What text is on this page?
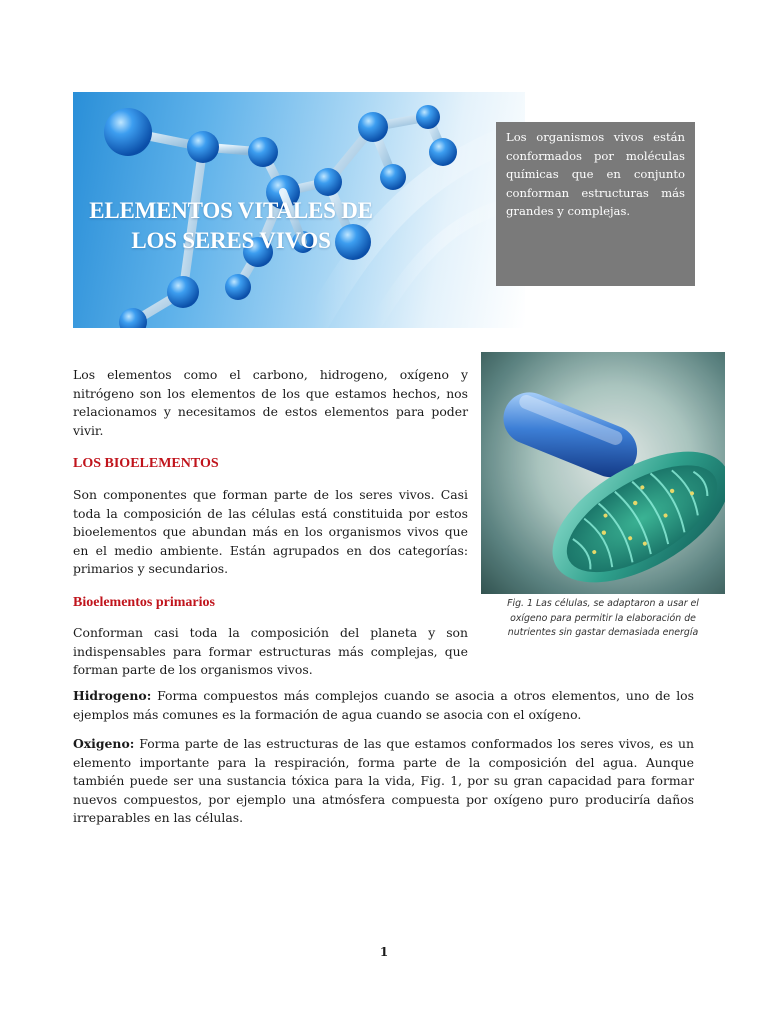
ELEMENTOS VITALES DE
LOS SERES VIVOS

Los organismos vivos están conformados por moléculas químicas que en conjunto conforman estructuras más grandes y complejas.

Fig. 1 Las células, se adaptaron a usar el oxígeno para permitir la elaboración de nutrientes sin gastar demasiada energía

Los elementos como el carbono, hidrogeno, oxígeno y nitrógeno son los elementos de los que estamos hechos, nos relacionamos y necesitamos de estos elementos para poder vivir.

LOS BIOELEMENTOS

Son componentes que forman parte de los seres vivos. Casi toda la composición de las células está constituida por estos bioelementos que abundan más en los organismos vivos que en el medio ambiente. Están agrupados en dos categorías: primarios y secundarios.

Bioelementos primarios

Conforman casi toda la composición del planeta y son indispensables para formar estructuras más complejas, que forman parte de los organismos vivos.

Hidrogeno: Forma compuestos más complejos cuando se asocia a otros elementos, uno de los ejemplos más comunes es la formación de agua cuando se asocia con el oxígeno.

Oxigeno: Forma parte de las estructuras de las que estamos conformados los seres vivos, es un elemento importante para la respiración, forma parte de la composición del agua. Aunque también puede ser una sustancia tóxica para la vida, Fig. 1, por su gran capacidad para formar nuevos compuestos, por ejemplo una atmósfera compuesta por oxígeno puro produciría daños irreparables en las células.

1
